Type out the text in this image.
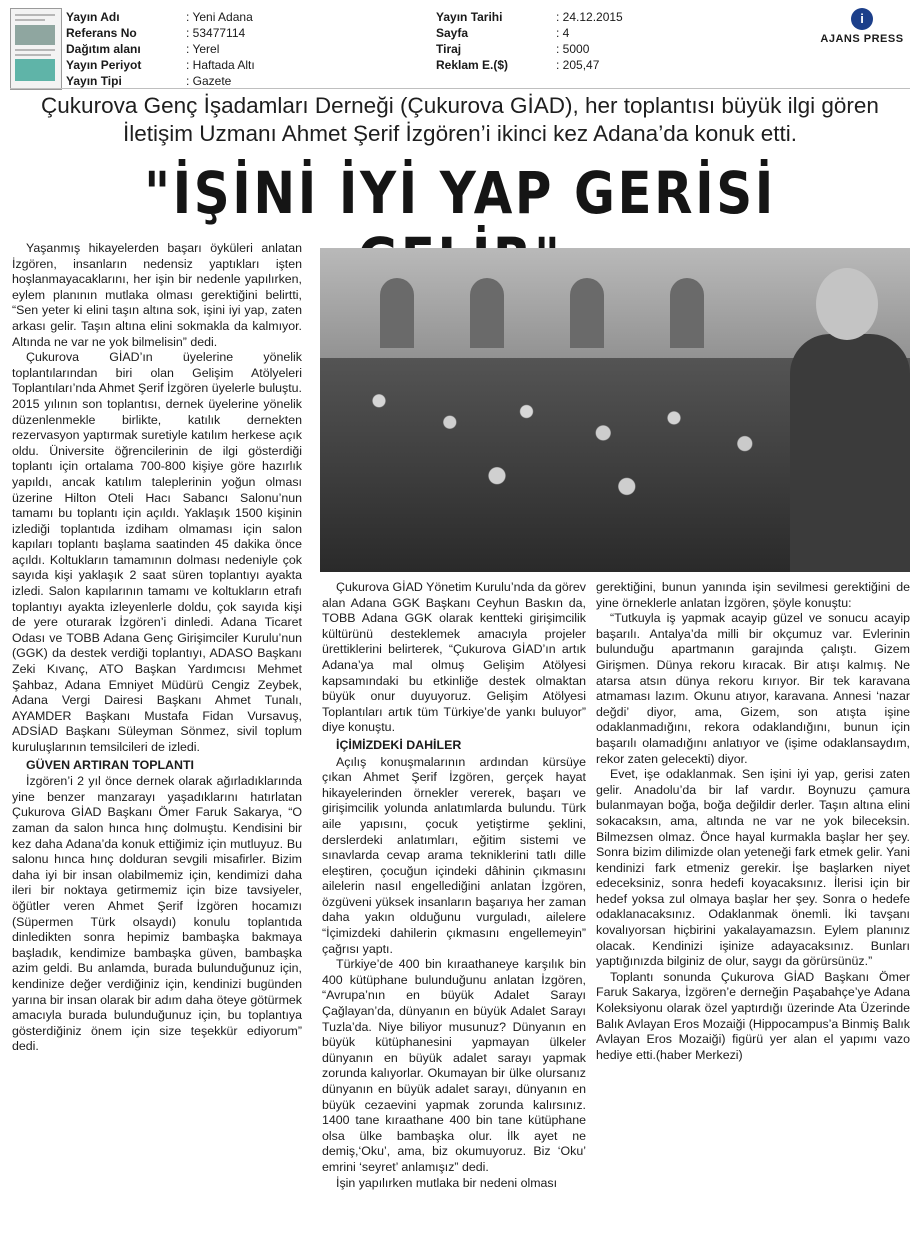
Yayın Adı	: Yeni Adana
Referans No	: 53477114
Dağıtım alanı	: Yerel
Yayın Periyot	: Haftada Altı
Yayın Tipi	: Gazete
Yayın Tarihi	: 24.12.2015
Sayfa	: 4
Tiraj	: 5000
Reklam E.($)	: 205,47
i
AJANS PRESS
Çukurova Genç İşadamları Derneği (Çukurova GİAD), her toplantısı büyük ilgi gören İletişim Uzmanı Ahmet Şerif İzgören’i ikinci kez Adana’da konuk etti.
"İŞİNİ İYİ YAP GERİSİ

Yaşanmış hikayelerden başarı öyküleri anlatan İzgören, insanların nedensiz yaptıkları işten hoşlanmayacaklarını, her işin bir nedenle yapılırken, eylem planının mutlaka olması gerektiğini belirtti, “Sen yeter ki elini taşın altına sok, işini iyi yap, zaten arkası gelir. Taşın altına elini sokmakla da kalmıyor. Altında ne var ne yok bilmelisin” dedi.

Çukurova GİAD’ın üyelerine yönelik toplantılarından biri olan Gelişim Atölyeleri Toplantıları’nda Ahmet Şerif İzgören üyelerle buluştu. 2015 yılının son toplantısı, dernek üyelerine yönelik düzenlenmekle birlikte, katılık dernekten rezervasyon yaptırmak suretiyle katılım herkese açık oldu. Üniversite öğrencilerinin de ilgi gösterdiği toplantı için ortalama 700-800 kişiye göre hazırlık yapıldı, ancak katılım taleplerinin yoğun olması üzerine Hilton Oteli Hacı Sabancı Salonu’nun tamamı bu toplantı için açıldı. Yaklaşık 1500 kişinin izlediği toplantıda izdiham olmaması için salon kapıları toplantı başlama saatinden 45 dakika önce açıldı. Koltukların tamamının dolması nedeniyle çok sayıda kişi yaklaşık 2 saat süren toplantıyı ayakta izledi. Salon kapılarının tamamı ve koltukların etrafı toplantıyı ayakta izleyenlerle doldu, çok sayıda kişi de yere oturarak İzgören’i dinledi. Adana Ticaret Odası ve TOBB Adana Genç Girişimciler Kurulu’nun (GGK) da destek verdiği toplantıyı, ADASO Başkanı Zeki Kıvanç, ATO Başkan Yardımcısı Mehmet Şahbaz, Adana Emniyet Müdürü Cengiz Zeybek, Adana Vergi Dairesi Başkanı Ahmet Tunalı, AYAMDER Başkanı Mustafa Fidan Vursavuş, ADSİAD Başkanı Süleyman Sönmez, sivil toplum kuruluşlarının temsilcileri de izledi.

GÜVEN ARTIRAN TOPLANTI

İzgören’i 2 yıl önce dernek olarak ağırladıklarında yine benzer manzarayı yaşadıklarını hatırlatan Çukurova GİAD Başkanı Ömer Faruk Sakarya, “O zaman da salon hınca hınç dolmuştu. Kendisini bir kez daha Adana’da konuk ettiğimiz için mutluyuz. Bu salonu hınca hınç dolduran sevgili misafirler. Bizim daha iyi bir insan olabilmemiz için, kendimizi daha ileri bir noktaya getirmemiz için bize tavsiyeler, öğütler veren Ahmet Şerif İzgören hocamızı (Süpermen Türk olsaydı) konulu toplantıda dinledikten sonra hepimiz bambaşka bakmaya başladık, kendimize bambaşka güven, bambaşka azim geldi. Bu anlamda, burada bulunduğunuz için, kendinize değer verdiğiniz için, kendinizi bugünden yarına bir insan olarak bir adım daha öteye götürmek amacıyla burada bulunduğunuz için, bu toplantıya gösterdiğiniz önem için size teşekkür ediyorum” dedi.

Çukurova GİAD Yönetim Kurulu’nda da görev alan Adana GGK Başkanı Ceyhun Baskın da, TOBB Adana GGK olarak kentteki girişimcilik kültürünü destеklemek amacıyla projeler ürettiklerini belirterek, “Çukurova GİAD’ın artık Adana’ya mal olmuş Gelişim Atölyesi kapsamındaki bu etkinliğe destek olmaktan büyük onur duyuyoruz. Gelişim Atölyesi Toplantıları artık tüm Türkiye’de yankı buluyor” diye konuştu.

İÇİMİZDEKİ DAHİLER

Açılış konuşmalarının ardından kürsüye çıkan Ahmet Şerif İzgören, gerçek hayat hikayelerinden örnekler vererek, başarı ve girişimcilik yolunda anlatımlarda bulundu. Türk aile yapısını, çocuk yetiştirme şeklini, derslerdeki anlatımları, eğitim sistemi ve sınavlarda cevap arama tekniklerini tatlı dille eleştiren, çocuğun içindeki dâhinin çıkmasını ailelerin nasıl engellediğini anlatan İzgören, özgüveni yüksek insanların başarıya her zaman daha yakın olduğunu vurguladı, ailelere “İçimizdeki dahilerin çıkmasını engellemeyin” çağrısı yaptı.

Türkiye’de 400 bin kıraathaneye karşılık bin 400 kütüphane bulunduğunu anlatan İzgören, “Avrupa’nın en büyük Adalet Sarayı Çağlayan’da, dünyanın en büyük Adalet Sarayı Tuzla’da. Niye biliyor musunuz? Dünyanın en büyük kütüphanesini yapmayan ülkeler dünyanın en büyük adalet sarayı yapmak zorunda kalıyorlar. Okumayan bir ülke olursanız dünyanın en büyük adalet sarayı, dünyanın en büyük cezaevini yapmak zorunda kalırsınız. 1400 tane kıraathane 400 bin tane kütüphane olsa ülke bambaşka olur. İlk ayet ne demiş,‘Oku’, ama, biz okumuyoruz. Biz ‘Oku’ emrini ‘seyret’ anlamışız” dedi.

İşin yapılırken mutlaka bir nedeni olması

gerektiğini, bunun yanında işin sevilmesi gerektiğini de yine örneklerle anlatan İzgören, şöyle konuştu:

“Tutkuyla iş yapmak acayip güzel ve sonucu acayip başarılı. Antalya’da milli bir okçumuz var. Evlerinin bulunduğu apartmanın garajında çalıştı. Gizem Girişmen. Dünya rekoru kıracak. Bir atışı kalmış. Ne atarsa atsın dünya rekoru kırıyor. Bir tek karavana atmaması lazım. Okunu atıyor, karavana. Annesi ‘nazar değdi’ diyor, ama, Gizem, son atışta işine odaklanmadığını, rekora odaklandığını, bunun için başarılı olamadığını anlatıyor ve (işime odaklansaydım, rekor zaten gelecekti) diyor.

Evet, işe odaklanmak. Sen işini iyi yap, gerisi zaten gelir. Anadolu’da bir laf vardır. Boynuzu çamura bulanmayan boğa, boğa değildir derler. Taşın altına elini sokacaksın, ama, altında ne var ne yok bileceksin. Bilmezsen olmaz. Önce hayal kurmakla başlar her şey. Sonra bizim dilimizde olan yeteneği fark etmek gelir. Yani kendinizi fark etmeniz gerekir. İşe başlarken niyet edeceksiniz, sonra hedefi koyacaksınız. İlerisi için bir hedef yoksa zul olmaya başlar her şey. Sonra o hedefe odaklanacaksınız. Odaklanmak önemli. İki tavşanı kovalıyorsan hiçbirini yakalayamazsın. Eylem planınız olacak. Kendinizi işinize adayacaksınız. Bunları yaptığınızda bilginiz de olur, saygı da görürsünüz.”

Toplantı sonunda Çukurova GİAD Başkanı Ömer Faruk Sakarya, İzgören’e derneğin Paşabahçe’ye Adana Koleksiyonu olarak özel yaptırdığı üzerinde Ata Üzerinde Balık Avlayan Eros Mozaiği (Hippocampus’a Binmiş Balık Avlayan Eros Mozaiği) figürü yer alan el yapımı vazo hediye etti.(haber Merkezi)
